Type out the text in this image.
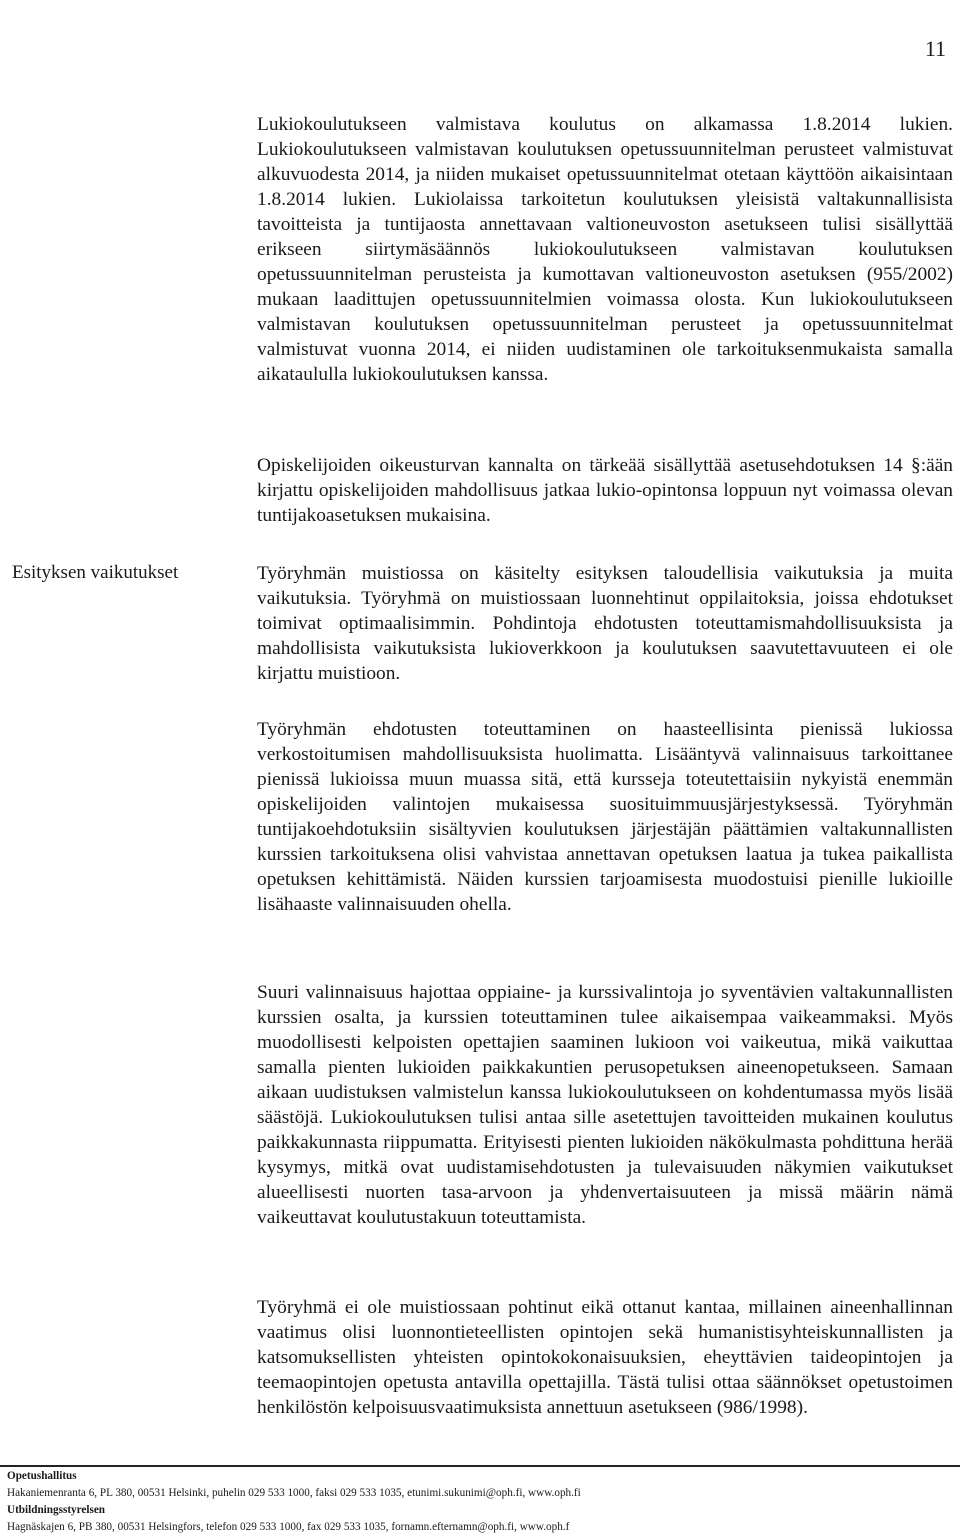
11
Esityksen vaikutukset

Lukiokoulutukseen valmistava koulutus on alkamassa 1.8.2014 lukien. Lukiokoulutukseen valmistavan koulutuksen opetussuunnitelman perusteet valmistuvat alkuvuodesta 2014, ja niiden mukaiset opetussuunnitelmat otetaan käyttöön aikaisintaan 1.8.2014 lukien. Lukiolaissa tarkoitetun koulutuksen yleisistä valtakunnallisista tavoitteista ja tuntijaosta annettavaan valtioneuvoston asetukseen tulisi sisällyttää erikseen siirtymäsäännös lukiokoulutukseen valmistavan koulutuksen opetussuunnitelman perusteista ja kumottavan valtioneuvoston asetuksen (955/2002) mukaan laadittujen opetussuunnitelmien voimassa olosta. Kun lukiokoulutukseen valmistavan koulutuksen opetussuunnitelman perusteet ja opetussuunnitelmat valmistuvat vuonna 2014, ei niiden uudistaminen ole tarkoituksenmukaista samalla aikataululla lukiokoulutuksen kanssa.

Opiskelijoiden oikeusturvan kannalta on tärkeää sisällyttää asetusehdotuksen 14 §:ään kirjattu opiskelijoiden mahdollisuus jatkaa lukio-opintonsa loppuun nyt voimassa olevan tuntijakoasetuksen mukaisina.

Työryhmän muistiossa on käsitelty esityksen taloudellisia vaikutuksia ja muita vaikutuksia. Työryhmä on muistiossaan luonnehtinut oppilaitoksia, joissa ehdotukset toimivat optimaalisimmin. Pohdintoja ehdotusten toteuttamismahdollisuuksista ja mahdollisista vaikutuksista lukioverkkoon ja koulutuksen saavutettavuuteen ei ole kirjattu muistioon.

Työryhmän ehdotusten toteuttaminen on haasteellisinta pienissä lukiossa verkostoitumisen mahdollisuuksista huolimatta. Lisääntyvä valinnaisuus tarkoittanee pienissä lukioissa muun muassa sitä, että kursseja toteutettaisiin nykyistä enemmän opiskelijoiden valintojen mukaisessa suosituimmuusjärjestyksessä. Työryhmän tuntijakoehdotuksiin sisältyvien koulutuksen järjestäjän päättämien valtakunnallisten kurssien tarkoituksena olisi vahvistaa annettavan opetuksen laatua ja tukea paikallista opetuksen kehittämistä. Näiden kurssien tarjoamisesta muodostuisi pienille lukioille lisähaaste valinnaisuuden ohella.

Suuri valinnaisuus hajottaa oppiaine- ja kurssivalintoja jo syventävien valtakunnallisten kurssien osalta, ja kurssien toteuttaminen tulee aikaisempaa vaikeammaksi. Myös muodollisesti kelpoisten opettajien saaminen lukioon voi vaikeutua, mikä vaikuttaa samalla pienten lukioiden paikkakuntien perusopetuksen aineenopetukseen. Samaan aikaan uudistuksen valmistelun kanssa lukiokoulutukseen on kohdentumassa myös lisää säästöjä. Lukiokoulutuksen tulisi antaa sille asetettujen tavoitteiden mukainen koulutus paikkakunnasta riippumatta. Erityisesti pienten lukioiden näkökulmasta pohdittuna herää kysymys, mitkä ovat uudistamisehdotusten ja tulevaisuuden näkymien vaikutukset alueellisesti nuorten tasa-arvoon ja yhdenvertaisuuteen ja missä määrin nämä vaikeuttavat koulutustakuun toteuttamista.

Työryhmä ei ole muistiossaan pohtinut eikä ottanut kantaa, millainen aineenhallinnan vaatimus olisi luonnontieteellisten opintojen sekä humanistisyhteiskunnallisten ja katsomuksellisten yhteisten opintokokonaisuuksien, eheyttävien taideopintojen ja teemaopintojen opetusta antavilla opettajilla. Tästä tulisi ottaa säännökset opetustoimen henkilöstön kelpoisuusvaatimuksista annettuun asetukseen (986/1998).

Opetushallitus
Hakaniemenranta 6, PL 380, 00531 Helsinki, puhelin 029 533 1000, faksi 029 533 1035, etunimi.sukunimi@oph.fi, www.oph.fi
Utbildningsstyrelsen
Hagnäskajen 6, PB 380, 00531 Helsingfors, telefon 029 533 1000, fax 029 533 1035, fornamn.efternamn@oph.fi, www.oph.f
